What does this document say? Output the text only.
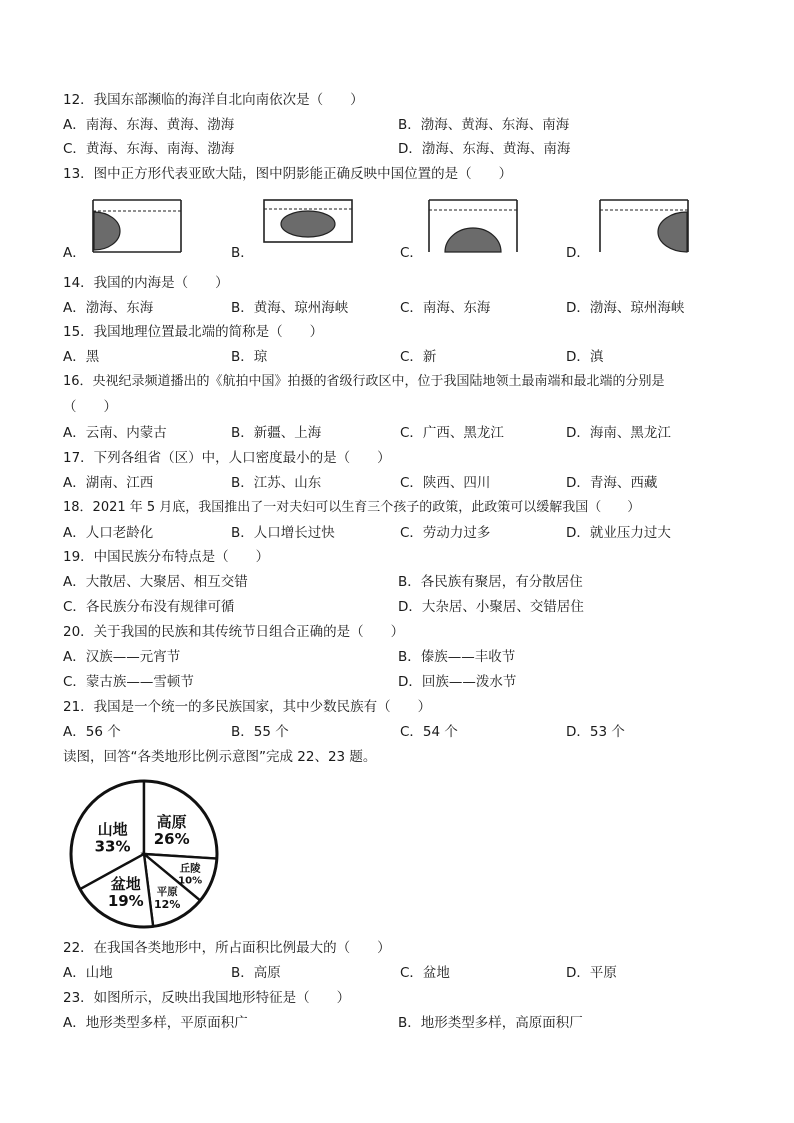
12．我国东部濒临的海洋自北向南依次是（　　）
A．南海、东海、黄海、渤海	B．渤海、黄海、东海、南海
C．黄海、东海、南海、渤海	D．渤海、东海、黄海、南海
13．图中正方形代表亚欧大陆，图中阴影能正确反映中国位置的是（　　）
A．	B．	C．	D．
14．我国的内海是（　　）
A．渤海、东海	B．黄海、琼州海峡	C．南海、东海	D．渤海、琼州海峡
15．我国地理位置最北端的简称是（　　）
A．黑	B．琼	C．新	D．滇
16．央视纪录频道播出的《航拍中国》拍摄的省级行政区中，位于我国陆地领土最南端和最北端的分别是
（　　）
A．云南、内蒙古	B．新疆、上海	C．广西、黑龙江	D．海南、黑龙江
17．下列各组省（区）中，人口密度最小的是（　　）
A．湖南、江西	B．江苏、山东	C．陕西、四川	D．青海、西藏
18．2021 年 5 月底，我国推出了一对夫妇可以生育三个孩子的政策，此政策可以缓解我国（　　）
A．人口老龄化	B．人口增长过快	C．劳动力过多	D．就业压力过大
19．中国民族分布特点是（　　）
A．大散居、大聚居、相互交错	B．各民族有聚居，有分散居住
C．各民族分布没有规律可循	D．大杂居、小聚居、交错居住
20．关于我国的民族和其传统节日组合正确的是（　　）
A．汉族——元宵节	B．傣族——丰收节
C．蒙古族——雪顿节	D．回族——泼水节
21．我国是一个统一的多民族国家，其中少数民族有（　　）
A．56 个	B．55 个	C．54 个	D．53 个
读图，回答“各类地形比例示意图”完成 22、23 题。
山地
33%
高原
26%
丘陵
10%
平原
12%
盆地
19%
22．在我国各类地形中，所占面积比例最大的（　　）
A．山地	B．高原	C．盆地	D．平原
23．如图所示，反映出我国地形特征是（　　）
A．地形类型多样，平原面积广	B．地形类型多样，高原面积厂
